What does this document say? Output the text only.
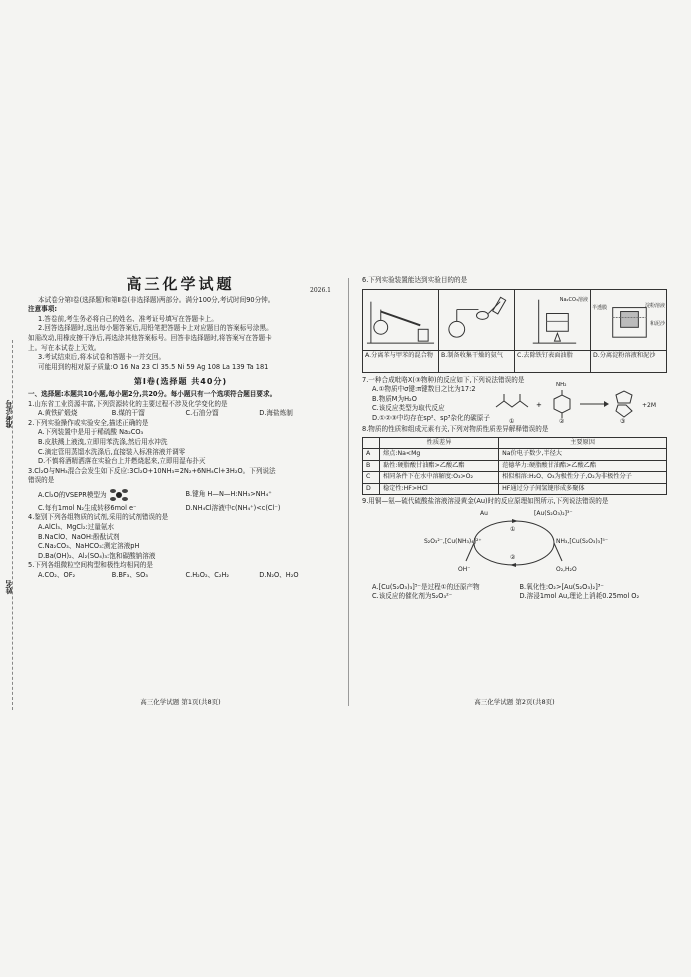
准考证号
姓名
高三化学试题	2026.1

本试卷分第Ⅰ卷(选择题)和第Ⅱ卷(非选择题)两部分。满分100分,考试时间90分钟。

注意事项:

1.答卷前,考生务必将自己的姓名、准考证号填写在答题卡上。

2.回答选择题时,选出每小题答案后,用铅笔把答题卡上对应题目的答案标号涂黑。

如需改动,用橡皮擦干净后,再选涂其他答案标号。回答非选择题时,将答案写在答题卡

上。写在本试卷上无效。

3.考试结束后,将本试卷和答题卡一并交回。

可能用到的相对原子质量:O 16 Na 23 Cl 35.5 Ni 59 Ag 108 La 139 Ta 181

第Ⅰ卷(选择题 共40分)

一、选择题:本题共10小题,每小题2分,共20分。每小题只有一个选项符合题目要求。

1.山东省工业资源丰富,下列资源转化的主要过程不涉及化学变化的是

A.黄铁矿煅烧	B.煤的干馏	C.石油分馏	D.海盐炼制

2.下列实验操作或实验安全,描述正确的是

A.下列装置中是用于稀硫酸 Na₂CO₃

B.皮肤溅上液溴,立即用苯洗涤,然后用水冲洗

C.滴定管用蒸馏水洗涤后,直接装入标准溶液并调零

D.不慎将酒精洒落在实验台上并燃烧起来,立即用湿布扑灭

3.Cl₂O与NH₃混合会发生如下反应:3Cl₂O+10NH₃=2N₂+6NH₄Cl+3H₂O。下列说法

错误的是

A.Cl₂O的VSEPR模型为	B.键角 H—N—H:NH₃>NH₄⁺
C.每有1mol N₂生成转移6mol e⁻	D.NH₄Cl溶液中c(NH₄⁺)<c(Cl⁻)

4.鉴别下列各组物质的试剂,采用的试剂错误的是

A.AlCl₃、MgCl₂:过量氨水

B.NaClO、NaOH:酚酞试剂

C.Na₂CO₃、NaHCO₃:测定溶液pH

D.Ba(OH)₂、Al₂(SO₄)₃:饱和碳酸钠溶液

5.下列各组微粒空间构型和极性均相同的是

A.CO₂、OF₂	B.BF₃、SO₃	C.H₂O₂、C₂H₂	D.N₂O、H₂O
高三化学试题 第1页(共8页)

6.下列实验装置能达到实验目的的是

A.分离苯与甲苯的混合物	B.制备收集干燥的氨气
Na₂CO₃溶液
C.去除铁钉表面油脂
半透膜	淀粉溶液
和泥沙
D.分离淀粉溶液和泥沙

7.一种合成吡咯X(③物种)的反应如下,下列说法错误的是

A.①物质中σ键:π键数目之比为17:2

B.物质M为H₂O

C.该反应类型为取代反应

D.①②③中均存在sp²、sp³杂化的碳原子

+
NH₂
①	②	③
+2M

8.物质的性质和组成元素有关,下列对物质性质差异解释错误的是

	性质差异	主要原因
A	熔点:Na<Mg	Na价电子数少,半径大
B	黏性:硬脂酸甘油酯>乙酸乙酯	范德华力:硬脂酸甘油酯>乙酸乙酯
C	相同条件下在水中溶解度:O₃>O₂	相似相溶:H₂O、O₃为极性分子,O₂为非极性分子
D	稳定性:HF>HCl	HF通过分子间氢键形成多聚体

9.用铜—氨—硫代硫酸盐溶液溶浸黄金(Au)时的反应原理如图所示,下列说法错误的是

Au	[Au(S₂O₃)₂]³⁻
S₂O₃²⁻,[Cu(NH₃)₄]²⁺	NH₃,[Cu(S₂O₃)₃]⁵⁻
OH⁻	O₂,H₂O
①
②
A.[Cu(S₂O₃)₃]⁵⁻是过程①的还原产物	B.氧化性:O₂>[Au(S₂O₃)₂]³⁻
C.该反应的催化剂为S₂O₃²⁻	D.溶浸1mol Au,理论上消耗0.25mol O₂
高三化学试题 第2页(共8页)
